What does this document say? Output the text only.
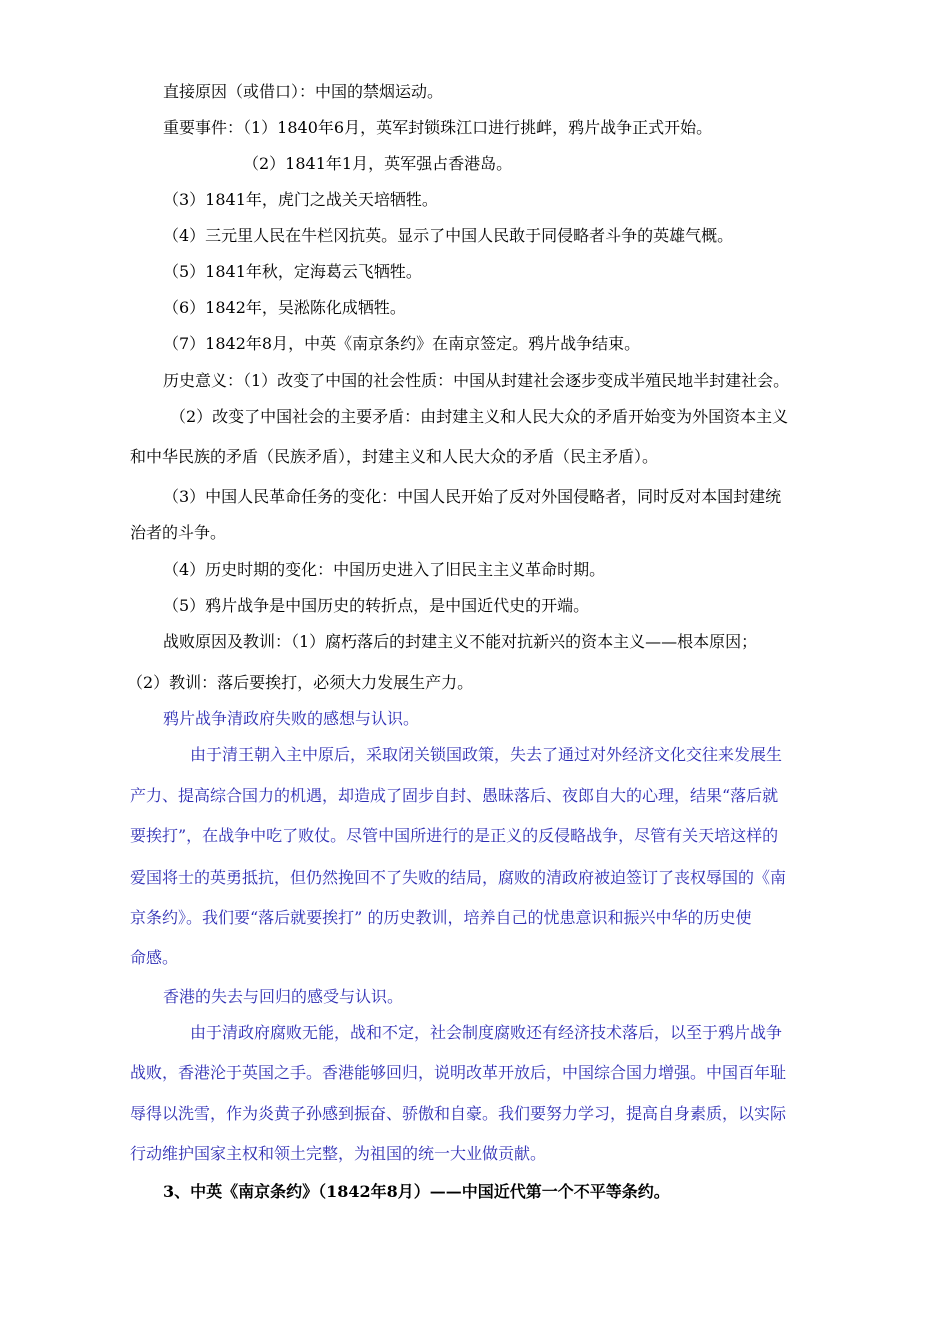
直接原因（或借口）：中国的禁烟运动。

重要事件：（1）1840年6月，英军封锁珠江口进行挑衅，鸦片战争正式开始。

（2）1841年1月，英军强占香港岛。

（3）1841年，虎门之战关天培牺牲。

（4）三元里人民在牛栏冈抗英。显示了中国人民敢于同侵略者斗争的英雄气概。

（5）1841年秋，定海葛云飞牺牲。

（6）1842年，吴淞陈化成牺牲。

（7）1842年8月，中英《南京条约》在南京签定。鸦片战争结束。

历史意义：（1）改变了中国的社会性质：中国从封建社会逐步变成半殖民地半封建社会。

（2）改变了中国社会的主要矛盾：由封建主义和人民大众的矛盾开始变为外国资本主义

和中华民族的矛盾（民族矛盾），封建主义和人民大众的矛盾（民主矛盾）。

（3）中国人民革命任务的变化：中国人民开始了反对外国侵略者，同时反对本国封建统

治者的斗争。

（4）历史时期的变化：中国历史进入了旧民主主义革命时期。

（5）鸦片战争是中国历史的转折点，是中国近代史的开端。

战败原因及教训：（1）腐朽落后的封建主义不能对抗新兴的资本主义——根本原因；

（2）教训：落后要挨打，必须大力发展生产力。

鸦片战争清政府失败的感想与认识。

由于清王朝入主中原后，采取闭关锁国政策，失去了通过对外经济文化交往来发展生

产力、提高综合国力的机遇，却造成了固步自封、愚昧落后、夜郎自大的心理，结果“落后就

要挨打”，在战争中吃了败仗。尽管中国所进行的是正义的反侵略战争，尽管有关天培这样的

爱国将士的英勇抵抗，但仍然挽回不了失败的结局，腐败的清政府被迫签订了丧权辱国的《南

京条约》。我们要“落后就要挨打” 的历史教训，培养自己的忧患意识和振兴中华的历史使

命感。

香港的失去与回归的感受与认识。

由于清政府腐败无能，战和不定，社会制度腐败还有经济技术落后，以至于鸦片战争

战败，香港沦于英国之手。香港能够回归，说明改革开放后，中国综合国力增强。中国百年耻

辱得以洗雪，作为炎黄子孙感到振奋、骄傲和自豪。我们要努力学习，提高自身素质，以实际

行动维护国家主权和领土完整，为祖国的统一大业做贡献。

3、中英《南京条约》（1842年8月）——中国近代第一个不平等条约。
